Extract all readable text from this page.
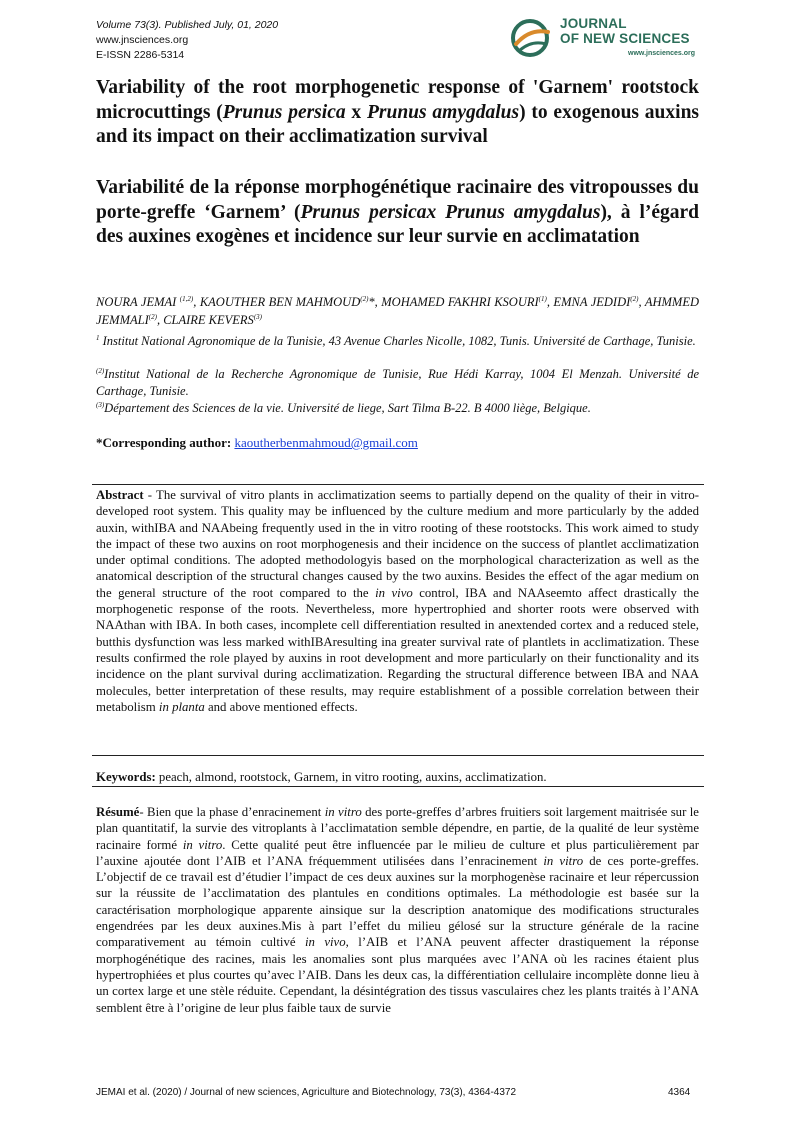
Volume 73(3). Published July, 01, 2020
www.jnsciences.org
E-ISSN 2286-5314
JOURNAL
OF NEW SCIENCES
www.jnsciences.org
Variability of the root morphogenetic response of 'Garnem' rootstock microcuttings (Prunus persica x Prunus amygdalus) to exogenous auxins and its impact on their acclimatization survival
Variabilité de la réponse morphogénétique racinaire des vitropousses du porte-greffe ‘Garnem’ (Prunus persicax Prunus amygdalus), à l’égard des auxines exogènes et incidence sur leur survie en acclimatation
NOURA JEMAI $^{(1,2)}$, KAOUTHER BEN MAHMOUD$^{(2)}$*, MOHAMED FAKHRI KSOURI$^{(1)}$, EMNA JEDIDI$^{(2)}$, AHMMED JEMMALI$^{(2)}$, CLAIRE KEVERS$^{(3)}$
$^1$ Institut National Agronomique de la Tunisie, 43 Avenue Charles Nicolle, 1082, Tunis. Université de Carthage, Tunisie.
$^{(2)}$Institut National de la Recherche Agronomique de Tunisie, Rue Hédi Karray, 1004 El Menzah. Université de Carthage, Tunisie.
$^{(3)}$Département des Sciences de la vie. Université de liege, Sart Tilma B-22. B 4000 liège, Belgique.
*Corresponding author: kaoutherbenmahmoud@gmail.com
Abstract - The survival of vitro plants in acclimatization seems to partially depend on the quality of their in vitro-developed root system. This quality may be influenced by the culture medium and more particularly by the added auxin, withIBA and NAAbeing frequently used in the in vitro rooting of these rootstocks. This work aimed to study the impact of these two auxins on root morphogenesis and their incidence on the success of plantlet acclimatization under optimal conditions. The adopted methodologyis based on the morphological characterization as well as the anatomical description of the structural changes caused by the two auxins. Besides the effect of the agar medium on the general structure of the root compared to the in vivo control, IBA and NAAseemto affect drastically the morphogenetic response of the roots. Nevertheless, more hypertrophied and shorter roots were observed with NAAthan with IBA. In both cases, incomplete cell differentiation resulted in anextended cortex and a reduced stele, butthis dysfunction was less marked withIBAresulting ina greater survival rate of plantlets in acclimatization. These results confirmed the role played by auxins in root development and more particularly on their functionality and its incidence on the plant survival during acclimatization. Regarding the structural difference between IBA and NAA molecules, better interpretation of these results, may require establishment of a possible correlation between their metabolism in planta and above mentioned effects.
Keywords: peach, almond, rootstock, Garnem, in vitro rooting, auxins, acclimatization.
Résumé- Bien que la phase d’enracinement in vitro des porte-greffes d’arbres fruitiers soit largement maitrisée sur le plan quantitatif, la survie des vitroplants à l’acclimatation semble dépendre, en partie, de la qualité de leur système racinaire formé in vitro. Cette qualité peut être influencée par le milieu de culture et plus particulièrement par l’auxine ajoutée dont l’AIB et l’ANA fréquemment utilisées dans l’enracinement in vitro de ces porte-greffes. L’objectif de ce travail est d’étudier l’impact de ces deux auxines sur la morphogenèse racinaire et leur répercussion sur la réussite de l’acclimatation des plantules en conditions optimales. La méthodologie est basée sur la caractérisation morphologique apparente ainsique sur la description anatomique des modifications structurales engendrées par les deux auxines.Mis à part l’effet du milieu gélosé sur la structure générale de la racine comparativement au témoin cultivé in vivo, l’AIB et l’ANA peuvent affecter drastiquement la réponse morphogénétique des racines, mais les anomalies sont plus marquées avec l’ANA où les racines étaient plus hypertrophiées et plus courtes qu’avec l’AIB. Dans les deux cas, la différentiation cellulaire incomplète donne lieu à un cortex large et une stèle réduite. Cependant, la désintégration des tissus vasculaires chez les plants traités à l’ANA semblent être à l’origine de leur plus faible taux de survie
JEMAI et al. (2020) / Journal of new sciences, Agriculture and Biotechnology, 73(3), 4364-4372	4364
